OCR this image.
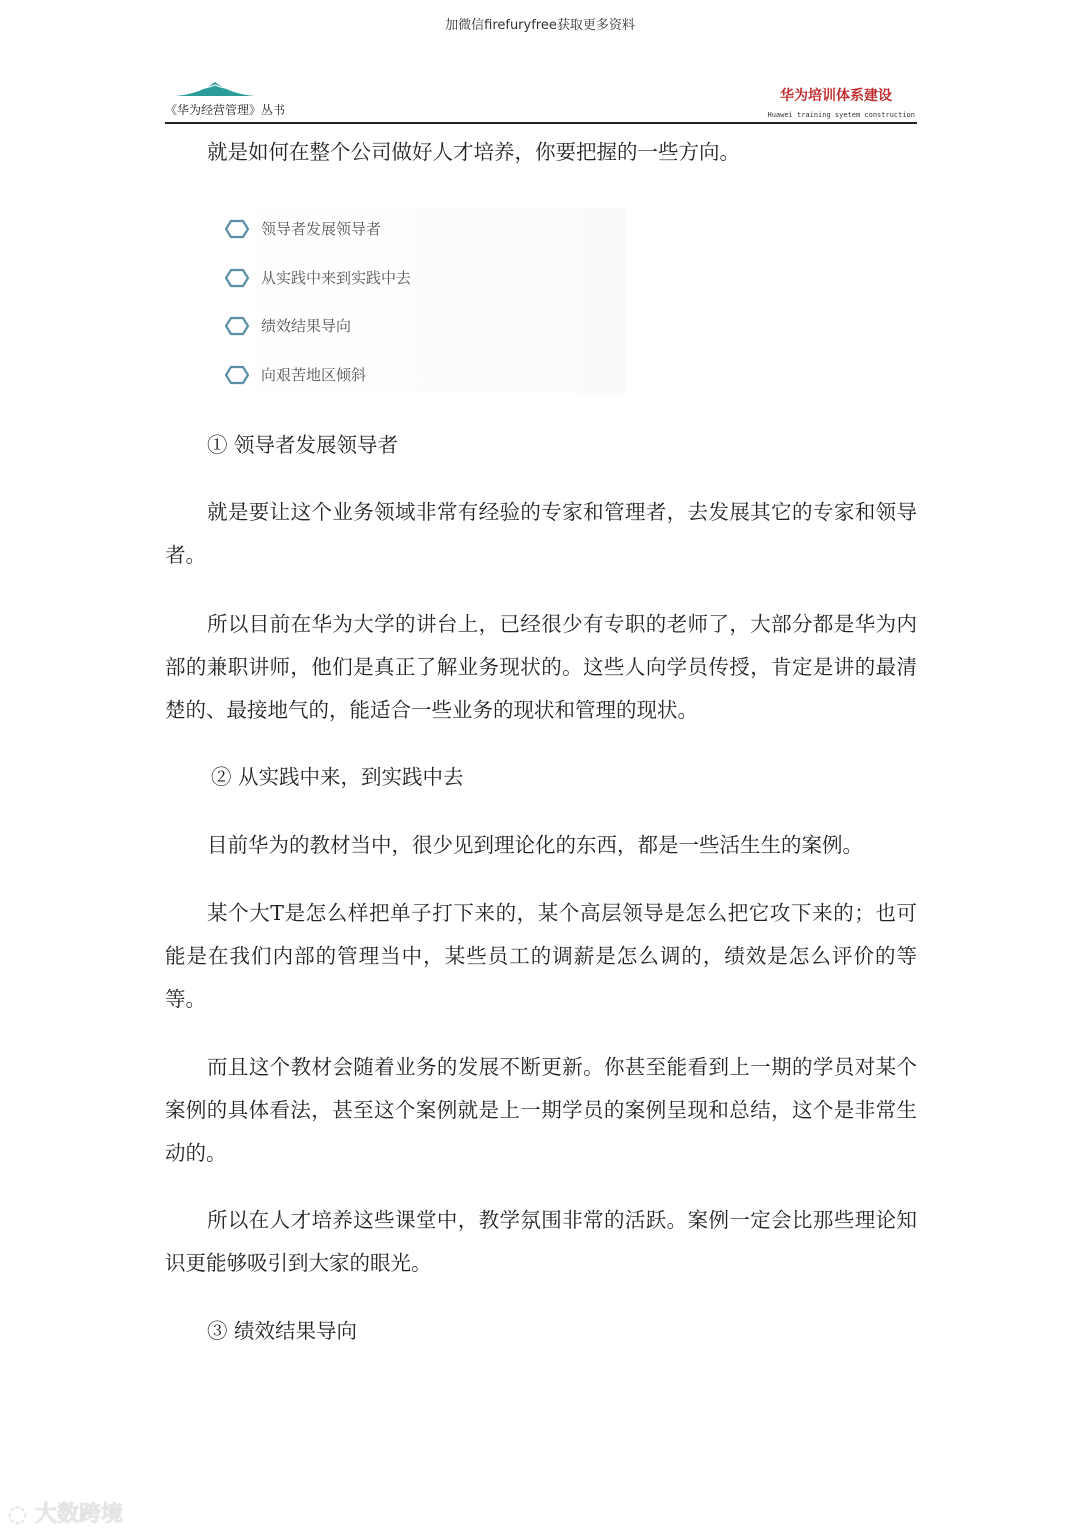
加微信firefuryfree获取更多资料
《华为经营管理》丛书
华为培训体系建设
Huawei training syetem construction
就是如何在整个公司做好人才培养，你要把握的一些方向。
领导者发展领导者
从实践中来到实践中去
绩效结果导向
向艰苦地区倾斜
① 领导者发展领导者
就是要让这个业务领域非常有经验的专家和管理者，去发展其它的专家和领导者。
所以目前在华为大学的讲台上，已经很少有专职的老师了，大部分都是华为内部的兼职讲师，他们是真正了解业务现状的。这些人向学员传授，肯定是讲的最清楚的、最接地气的，能适合一些业务的现状和管理的现状。
② 从实践中来，到实践中去
目前华为的教材当中，很少见到理论化的东西，都是一些活生生的案例。
某个大T是怎么样把单子打下来的，某个高层领导是怎么把它攻下来的；也可能是在我们内部的管理当中，某些员工的调薪是怎么调的，绩效是怎么评价的等等。
而且这个教材会随着业务的发展不断更新。你甚至能看到上一期的学员对某个案例的具体看法，甚至这个案例就是上一期学员的案例呈现和总结，这个是非常生动的。
所以在人才培养这些课堂中，教学氛围非常的活跃。案例一定会比那些理论知识更能够吸引到大家的眼光。
③ 绩效结果导向
◌ 大数跨境
